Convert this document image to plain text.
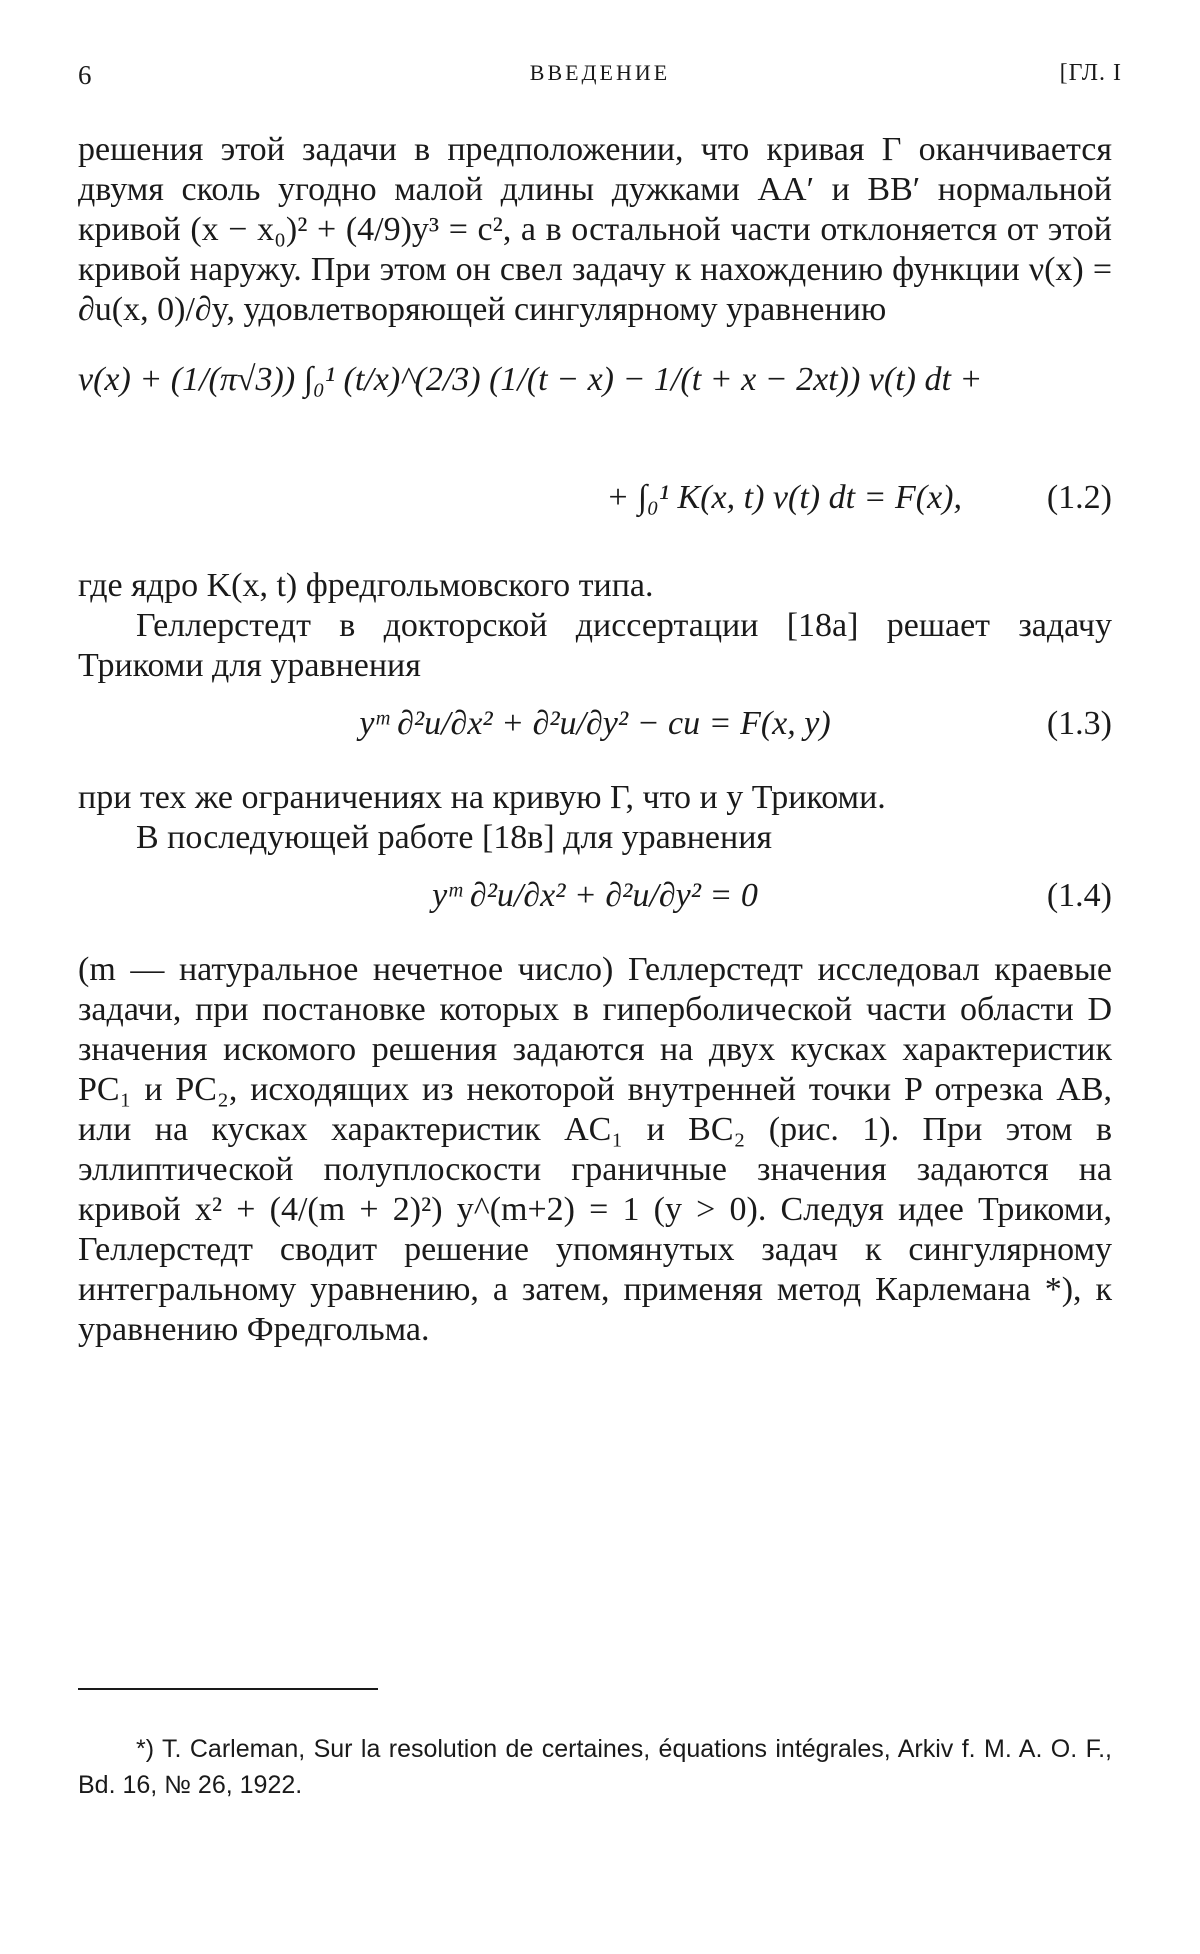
6	ВВЕДЕНИЕ	[ГЛ. I

решения этой задачи в предположении, что кривая Γ оканчивается двумя сколь угодно малой длины дужками AA′ и BB′ нормальной кривой (x − x₀)² + (4/9)y³ = c², а в остальной части отклоняется от этой кривой наружу. При этом он свел задачу к нахождению функции ν(x) = ∂u(x, 0)/∂y, удовлетворяющей сингулярному уравнению

ν(x) + (1/(π√3)) ∫₀¹ (t/x)^(2/3) (1/(t − x) − 1/(t + x − 2xt)) ν(t) dt +
+ ∫₀¹ K(x, t) ν(t) dt = F(x), (1.2)

где ядро K(x, t) фредгольмовского типа.

Геллерстедт в докторской диссертации [18а] решает задачу Трикоми для уравнения

yᵐ ∂²u/∂x² + ∂²u/∂y² − cu = F(x, y)	(1.3)

при тех же ограничениях на кривую Γ, что и у Трикоми.

В последующей работе [18в] для уравнения

yᵐ ∂²u/∂x² + ∂²u/∂y² = 0	(1.4)

(m — натуральное нечетное число) Геллерстедт исследовал краевые задачи, при постановке которых в гиперболической части области D значения искомого решения задаются на двух кусках характеристик PC₁ и PC₂, исходящих из некоторой внутренней точки P отрезка AB, или на кусках характеристик AC₁ и BC₂ (рис. 1). При этом в эллиптической полуплоскости граничные значения задаются на кривой x² + (4/(m + 2)²) y^(m+2) = 1 (y > 0). Следуя идее Трикоми, Геллерстедт сводит решение упомянутых задач к сингулярному интегральному уравнению, а затем, применяя метод Карлемана *), к уравнению Фредгольма.

*) T. Carleman, Sur la resolution de certaines, équations intégrales, Arkiv f. M. A. O. F., Bd. 16, № 26, 1922.
